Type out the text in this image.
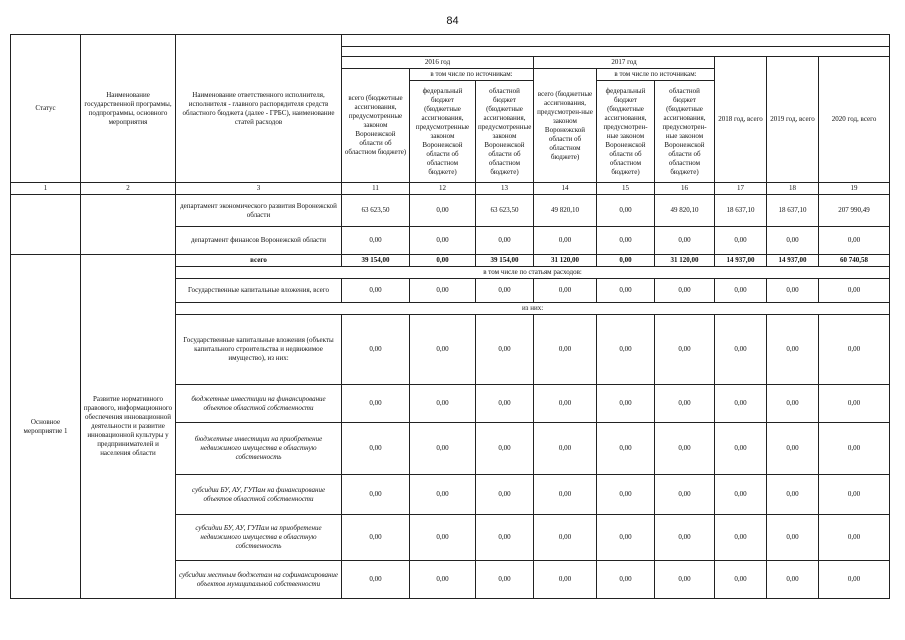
84
Статус	Наименование государственной программы, подпрограммы, основного мероприятия	Наименование ответственного исполнителя, исполнителя - главного распорядителя средств областного бюджета (далее - ГРБС), наименование статей расходов									

			2016 год			2017 год			2018 год, всего	2019 год, всего	2020 год, всего
			всего (бюджетные ассигнования, предусмотренные законом Воронежской области об областном бюджете)	в том числе по источникам:		всего (бюджетные ассигнования, предусмотрен-ные законом Воронежской области об областном бюджете)	в том числе по источникам:				
				федеральный бюджет (бюджетные ассигнования, предусмотренные законом Воронежской области об областном бюджете)	областной бюджет (бюджетные ассигнования, предусмотренные законом Воронежской области об областном бюджете)		федеральный бюджет (бюджетные ассигнования, предусмотрен-ные законом Воронежской области об областном бюджете)	областной бюджет (бюджетные ассигнования, предусмотрен-ные законом Воронежской области об областном бюджете)			
1	2	3	11	12	13	14	15	16	17	18	19
		департамент экономического развития Воронежской области	63 623,50	0,00	63 623,50	49 820,10	0,00	49 820,10	18 637,10	18 637,10	207 990,49
		департамент финансов Воронежской области	0,00	0,00	0,00	0,00	0,00	0,00	0,00	0,00	0,00
Основное мероприятие 1	Развитие нормативного правового, информационного обеспечения инновационной деятельности и развитие инновационной культуры у предпринимателей и населения области	всего	39 154,00	0,00	39 154,00	31 120,00	0,00	31 120,00	14 937,00	14 937,00	60 740,58
		в том числе по статьям расходов:									
		Государственные капитальные вложения, всего	0,00	0,00	0,00	0,00	0,00	0,00	0,00	0,00	0,00
		из них:									
		Государственные капитальные вложения (объекты капитального строительства и недвижимое имущество), из них:	0,00	0,00	0,00	0,00	0,00	0,00	0,00	0,00	0,00
		бюджетные инвестиции на финансирование объектов областной собственности	0,00	0,00	0,00	0,00	0,00	0,00	0,00	0,00	0,00
		бюджетные инвестиции на приобретение недвижимого имущества в областную собственность	0,00	0,00	0,00	0,00	0,00	0,00	0,00	0,00	0,00
		субсидии БУ, АУ, ГУПам на финансирование объектов областной собственности	0,00	0,00	0,00	0,00	0,00	0,00	0,00	0,00	0,00
		субсидии БУ, АУ, ГУПам на приобретение недвижимого имущества в областную собственность	0,00	0,00	0,00	0,00	0,00	0,00	0,00	0,00	0,00
		субсидии местным бюджетам на софинансирование объектов муниципальной собственности	0,00	0,00	0,00	0,00	0,00	0,00	0,00	0,00	0,00
